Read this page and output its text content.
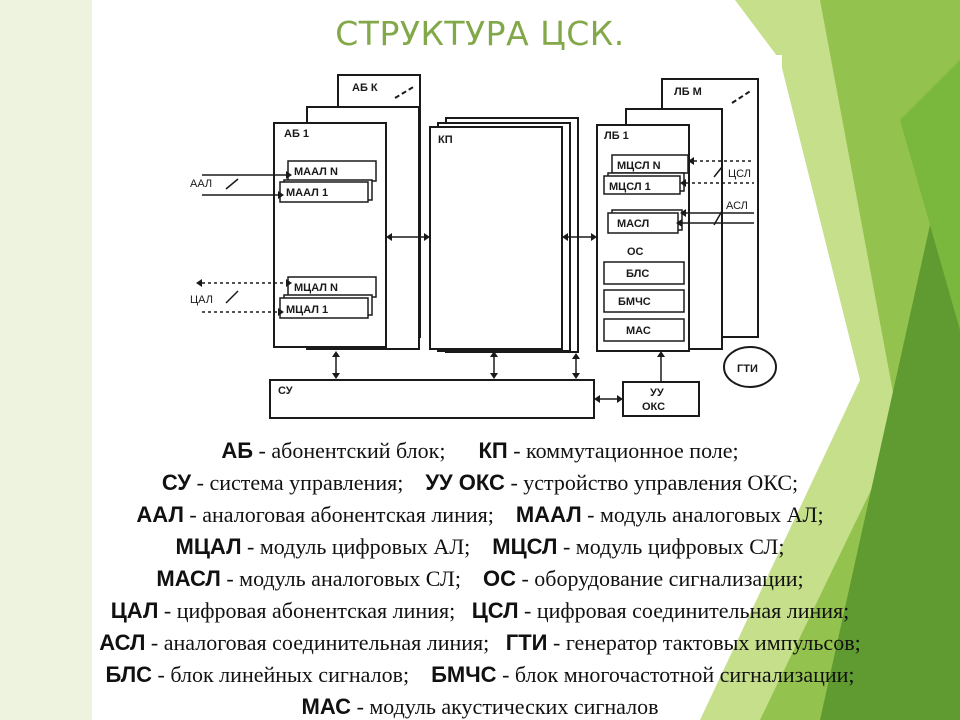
СТРУКТУРА ЦСК.
АБ К
АБ 1
МААЛ N
МААЛ 1
ААЛ
МЦАЛ N
МЦАЛ 1
ЦАЛ
КП
ЛБ М
ЛБ 1
МЦСЛ N
МЦСЛ 1
МАСЛ
ОС
БЛС
БМЧС
МАС
ЦСЛ
АСЛ
СУ	УУ
ОКС
ГТИ
АБ - абонентский блок; КП - коммутационное поле;
СУ - система управления; УУ ОКС - устройство управления ОКС;
ААЛ - аналоговая абонентская линия; МААЛ - модуль аналоговых АЛ;
МЦАЛ - модуль цифровых АЛ; МЦСЛ - модуль цифровых СЛ;
МАСЛ - модуль аналоговых СЛ; ОС - оборудование сигнализации;
ЦАЛ - цифровая абонентская линия; ЦСЛ - цифровая соединительная линия;
АСЛ - аналоговая соединительная линия; ГТИ - генератор тактовых импульсов;
БЛС - блок линейных сигналов; БМЧС - блок многочастотной сигнализации;
МАС - модуль акустических сигналов
